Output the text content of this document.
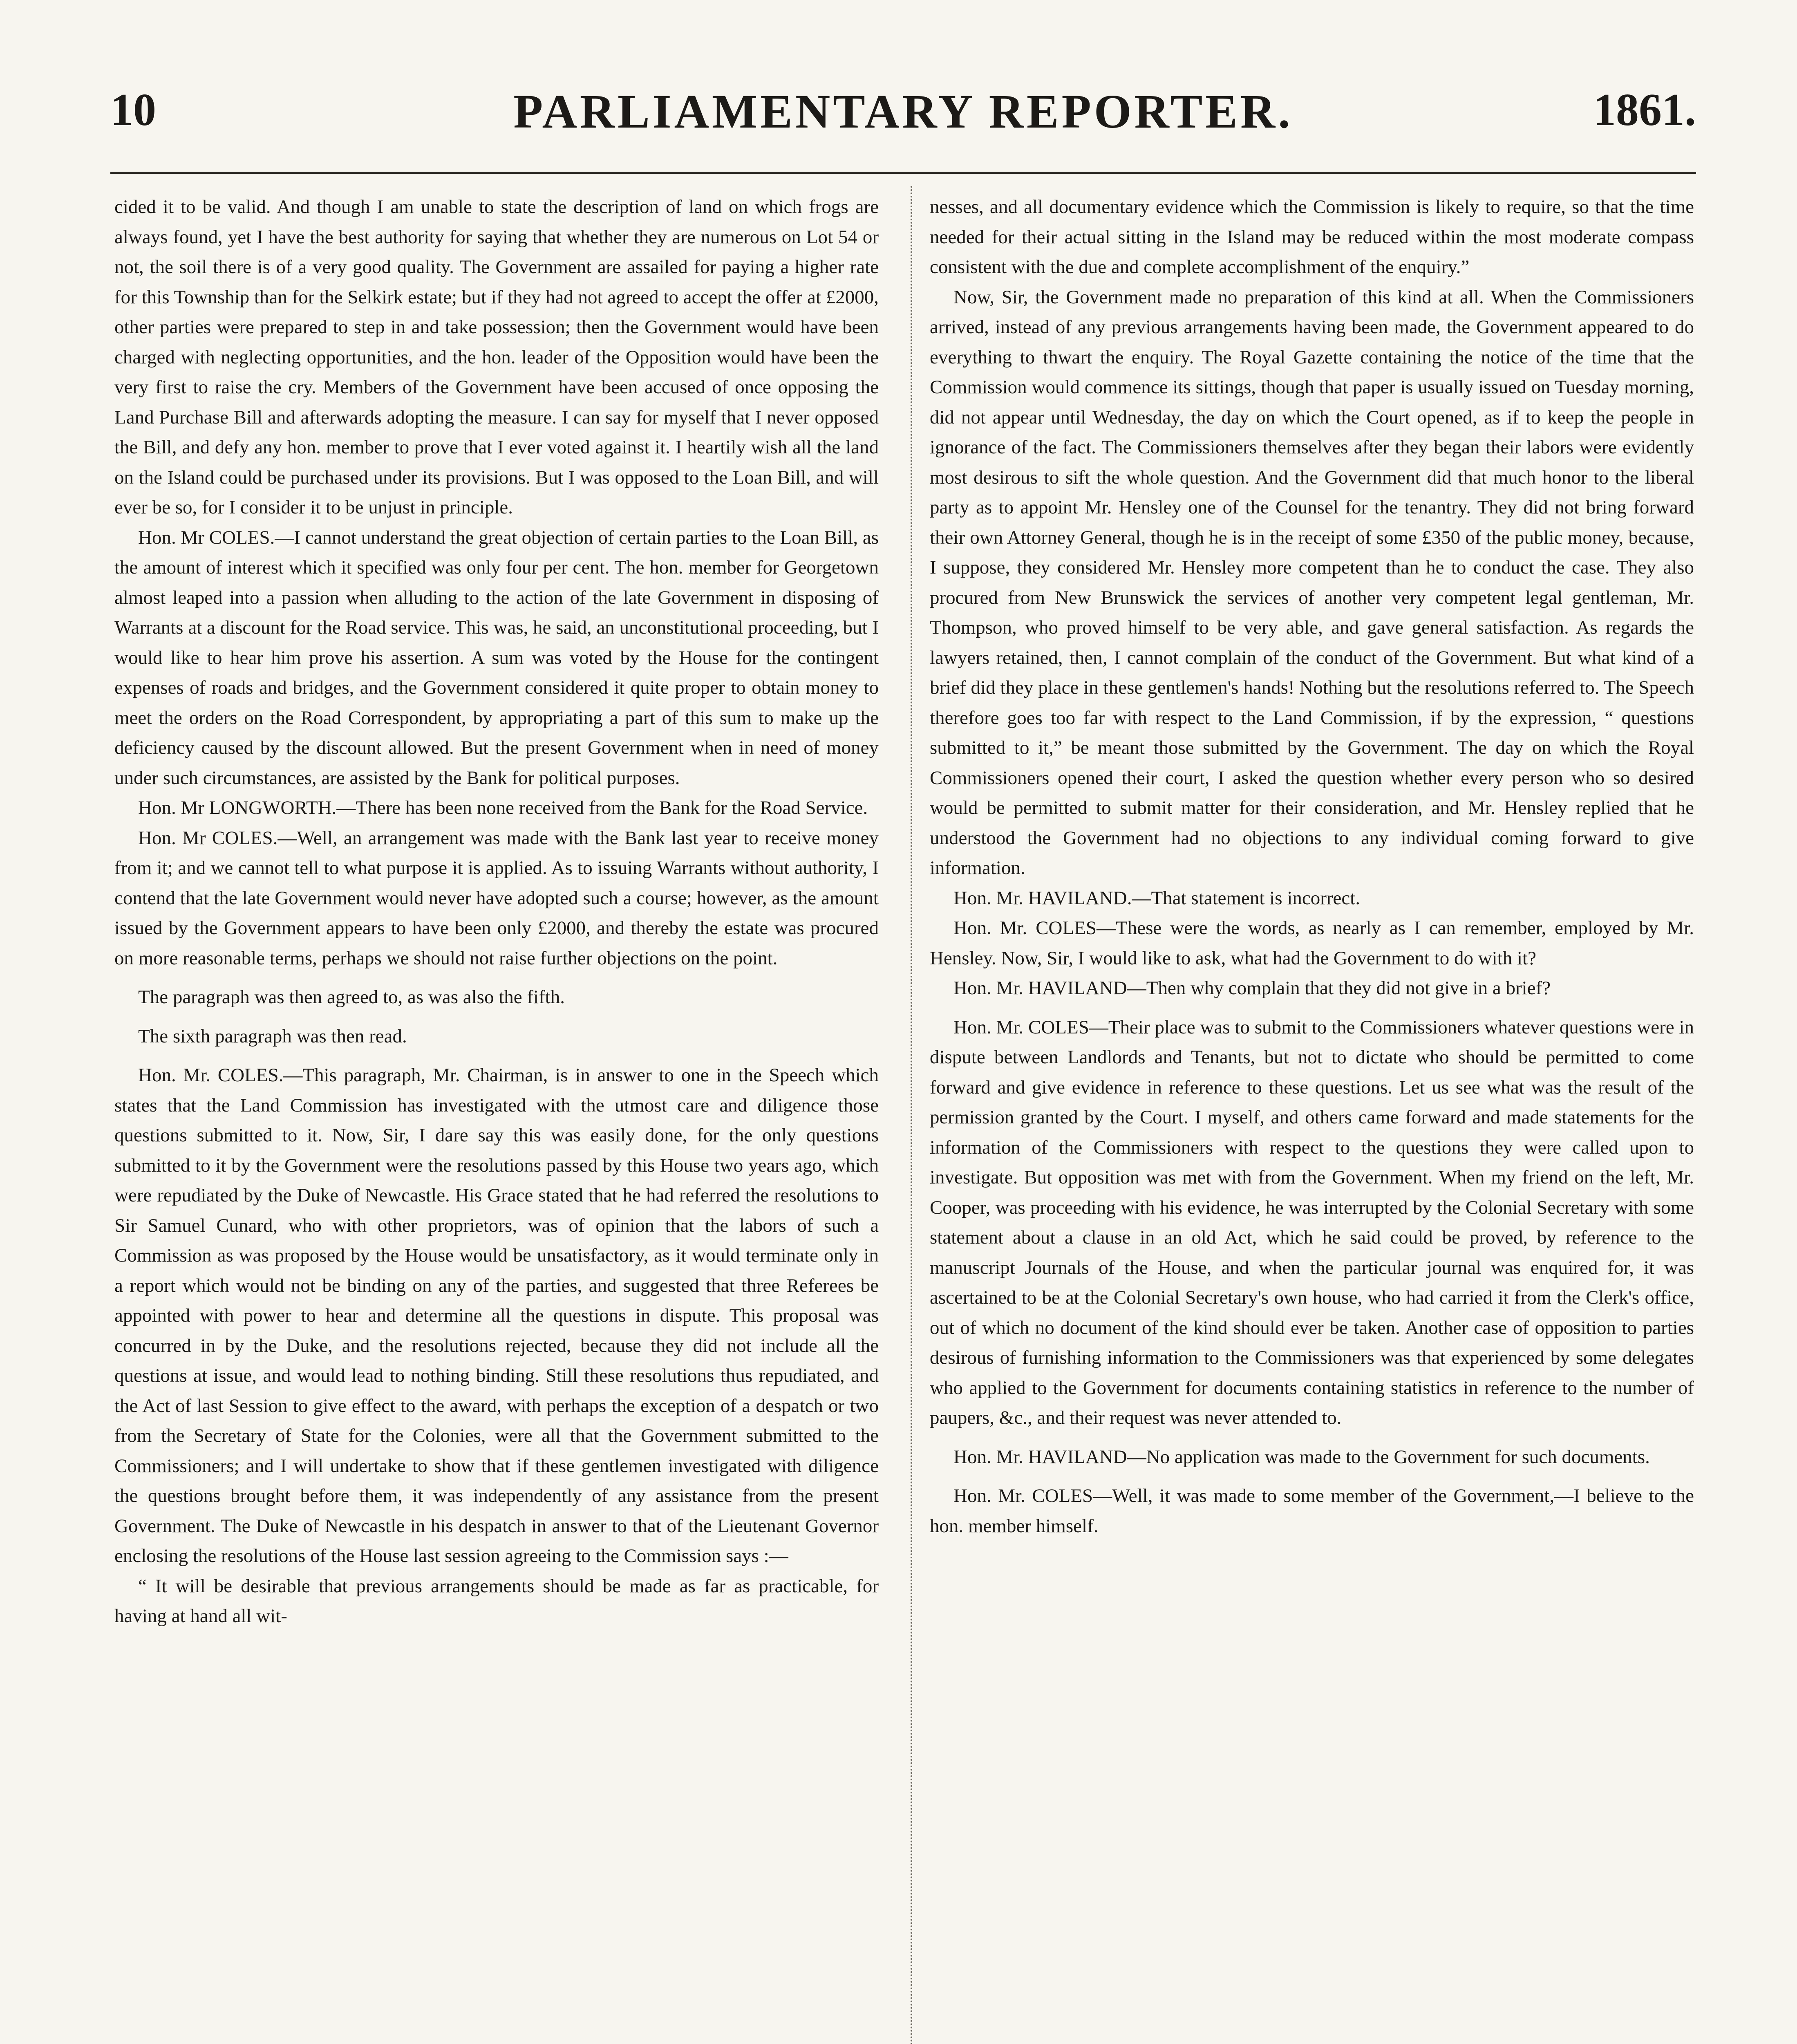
10	PARLIAMENTARY REPORTER.	1861.

cided it to be valid. And though I am unable to state the description of land on which frogs are always found, yet I have the best authority for saying that whether they are numerous on Lot 54 or not, the soil there is of a very good quality. The Government are assailed for paying a higher rate for this Township than for the Selkirk estate; but if they had not agreed to accept the offer at £2000, other parties were prepared to step in and take possession; then the Government would have been charged with neglecting opportunities, and the hon. leader of the Opposition would have been the very first to raise the cry. Members of the Government have been accused of once opposing the Land Purchase Bill and afterwards adopting the measure. I can say for myself that I never opposed the Bill, and defy any hon. member to prove that I ever voted against it. I heartily wish all the land on the Island could be purchased under its provisions. But I was opposed to the Loan Bill, and will ever be so, for I consider it to be unjust in principle.

Hon. Mr COLES.—I cannot understand the great objection of certain parties to the Loan Bill, as the amount of interest which it specified was only four per cent. The hon. member for Georgetown almost leaped into a passion when alluding to the action of the late Government in disposing of Warrants at a discount for the Road service. This was, he said, an unconstitutional proceeding, but I would like to hear him prove his assertion. A sum was voted by the House for the contingent expenses of roads and bridges, and the Government considered it quite proper to obtain money to meet the orders on the Road Correspondent, by appropriating a part of this sum to make up the deficiency caused by the discount allowed. But the present Government when in need of money under such circumstances, are assisted by the Bank for political purposes.

Hon. Mr LONGWORTH.—There has been none received from the Bank for the Road Service.

Hon. Mr COLES.—Well, an arrangement was made with the Bank last year to receive money from it; and we cannot tell to what purpose it is applied. As to issuing Warrants without authority, I contend that the late Government would never have adopted such a course; however, as the amount issued by the Government appears to have been only £2000, and thereby the estate was procured on more reasonable terms, perhaps we should not raise further objections on the point.

The paragraph was then agreed to, as was also the fifth.

The sixth paragraph was then read.

Hon. Mr. COLES.—This paragraph, Mr. Chairman, is in answer to one in the Speech which states that the Land Commission has investigated with the utmost care and diligence those questions submitted to it. Now, Sir, I dare say this was easily done, for the only questions submitted to it by the Government were the resolutions passed by this House two years ago, which were repudiated by the Duke of Newcastle. His Grace stated that he had referred the resolutions to Sir Samuel Cunard, who with other proprietors, was of opinion that the labors of such a Commission as was proposed by the House would be unsatisfactory, as it would terminate only in a report which would not be binding on any of the parties, and suggested that three Referees be appointed with power to hear and determine all the questions in dispute. This proposal was concurred in by the Duke, and the resolutions rejected, because they did not include all the questions at issue, and would lead to nothing binding. Still these resolutions thus repudiated, and the Act of last Session to give effect to the award, with perhaps the exception of a despatch or two from the Secretary of State for the Colonies, were all that the Government submitted to the Commissioners; and I will undertake to show that if these gentlemen investigated with diligence the questions brought before them, it was independently of any assistance from the present Government. The Duke of Newcastle in his despatch in answer to that of the Lieutenant Governor enclosing the resolutions of the House last session agreeing to the Commission says :—

“ It will be desirable that previous arrangements should be made as far as practicable, for having at hand all wit-

nesses, and all documentary evidence which the Commission is likely to require, so that the time needed for their actual sitting in the Island may be reduced within the most moderate compass consistent with the due and complete accomplishment of the enquiry.”

Now, Sir, the Government made no preparation of this kind at all. When the Commissioners arrived, instead of any previous arrangements having been made, the Government appeared to do everything to thwart the enquiry. The Royal Gazette containing the notice of the time that the Commission would commence its sittings, though that paper is usually issued on Tuesday morning, did not appear until Wednesday, the day on which the Court opened, as if to keep the people in ignorance of the fact. The Commissioners themselves after they began their labors were evidently most desirous to sift the whole question. And the Government did that much honor to the liberal party as to appoint Mr. Hensley one of the Counsel for the tenantry. They did not bring forward their own Attorney General, though he is in the receipt of some £350 of the public money, because, I suppose, they considered Mr. Hensley more competent than he to conduct the case. They also procured from New Brunswick the services of another very competent legal gentleman, Mr. Thompson, who proved himself to be very able, and gave general satisfaction. As regards the lawyers retained, then, I cannot complain of the conduct of the Government. But what kind of a brief did they place in these gentlemen's hands! Nothing but the resolutions referred to. The Speech therefore goes too far with respect to the Land Commission, if by the expression, “ questions submitted to it,” be meant those submitted by the Government. The day on which the Royal Commissioners opened their court, I asked the question whether every person who so desired would be permitted to submit matter for their consideration, and Mr. Hensley replied that he understood the Government had no objections to any individual coming forward to give information.

Hon. Mr. HAVILAND.—That statement is incorrect.

Hon. Mr. COLES—These were the words, as nearly as I can remember, employed by Mr. Hensley. Now, Sir, I would like to ask, what had the Government to do with it?

Hon. Mr. HAVILAND—Then why complain that they did not give in a brief?

Hon. Mr. COLES—Their place was to submit to the Commissioners whatever questions were in dispute between Landlords and Tenants, but not to dictate who should be permitted to come forward and give evidence in reference to these questions. Let us see what was the result of the permission granted by the Court. I myself, and others came forward and made statements for the information of the Commissioners with respect to the questions they were called upon to investigate. But opposition was met with from the Government. When my friend on the left, Mr. Cooper, was proceeding with his evidence, he was interrupted by the Colonial Secretary with some statement about a clause in an old Act, which he said could be proved, by reference to the manuscript Journals of the House, and when the particular journal was enquired for, it was ascertained to be at the Colonial Secretary's own house, who had carried it from the Clerk's office, out of which no document of the kind should ever be taken. Another case of opposition to parties desirous of furnishing information to the Commissioners was that experienced by some delegates who applied to the Government for documents containing statistics in reference to the number of paupers, &c., and their request was never attended to.

Hon. Mr. HAVILAND—No application was made to the Government for such documents.

Hon. Mr. COLES—Well, it was made to some member of the Government,—I believe to the hon. member himself.
